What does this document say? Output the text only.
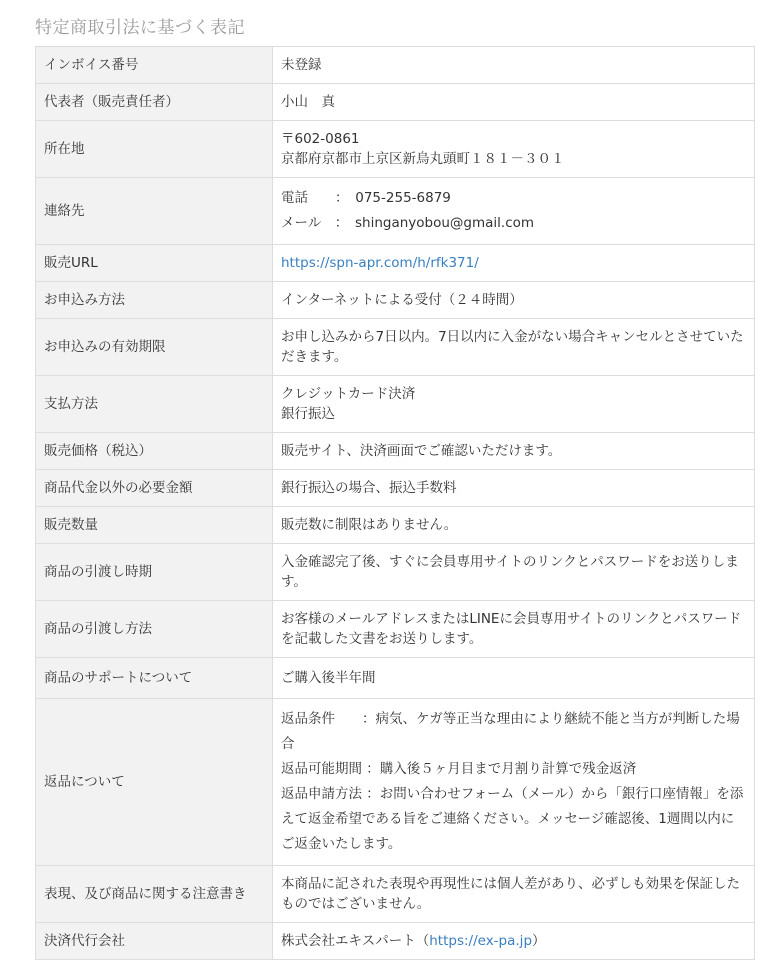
特定商取引法に基づく表記
インボイス番号	未登録
代表者（販売責任者）	小山　真
所在地	〒602-0861
京都府京都市上京区新烏丸頭町１８１－３０１

連絡先	電話　　：　075-255-6879
メール　：　shinganyobou@gmail.com

販売URL	https://spn-apr.com/h/rfk371/
お申込み方法	インターネットによる受付（２４時間）
お申込みの有効期限	お申し込みから7日以内。7日以内に入金がない場合キャンセルとさせていただきます。
支払方法	クレジットカード決済
銀行振込

販売価格（税込）	販売サイト、決済画面でご確認いただけます。
商品代金以外の必要金額	銀行振込の場合、振込手数料
販売数量	販売数に制限はありません。
商品の引渡し時期	入金確認完了後、すぐに会員専用サイトのリンクとパスワードをお送りします。
商品の引渡し方法	お客様のメールアドレスまたはLINEに会員専用サイトのリンクとパスワードを記載した文書をお送りします。
商品のサポートについて	ご購入後半年間
返品について	返品条件　　：病気、ケガ等正当な理由により継続不能と当方が判断した場合
返品可能期間 ：購入後５ヶ月目まで月割り計算で残金返済
返品申請方法 ：お問い合わせフォーム（メール）から「銀行口座情報」を添えて返金希望である旨をご連絡ください。メッセージ確認後、1週間以内にご返金いたします。

表現、及び商品に関する注意書き	本商品に記された表現や再現性には個人差があり、必ずしも効果を保証したものではございません。
決済代行会社	株式会社エキスパート（https://ex-pa.jp）
